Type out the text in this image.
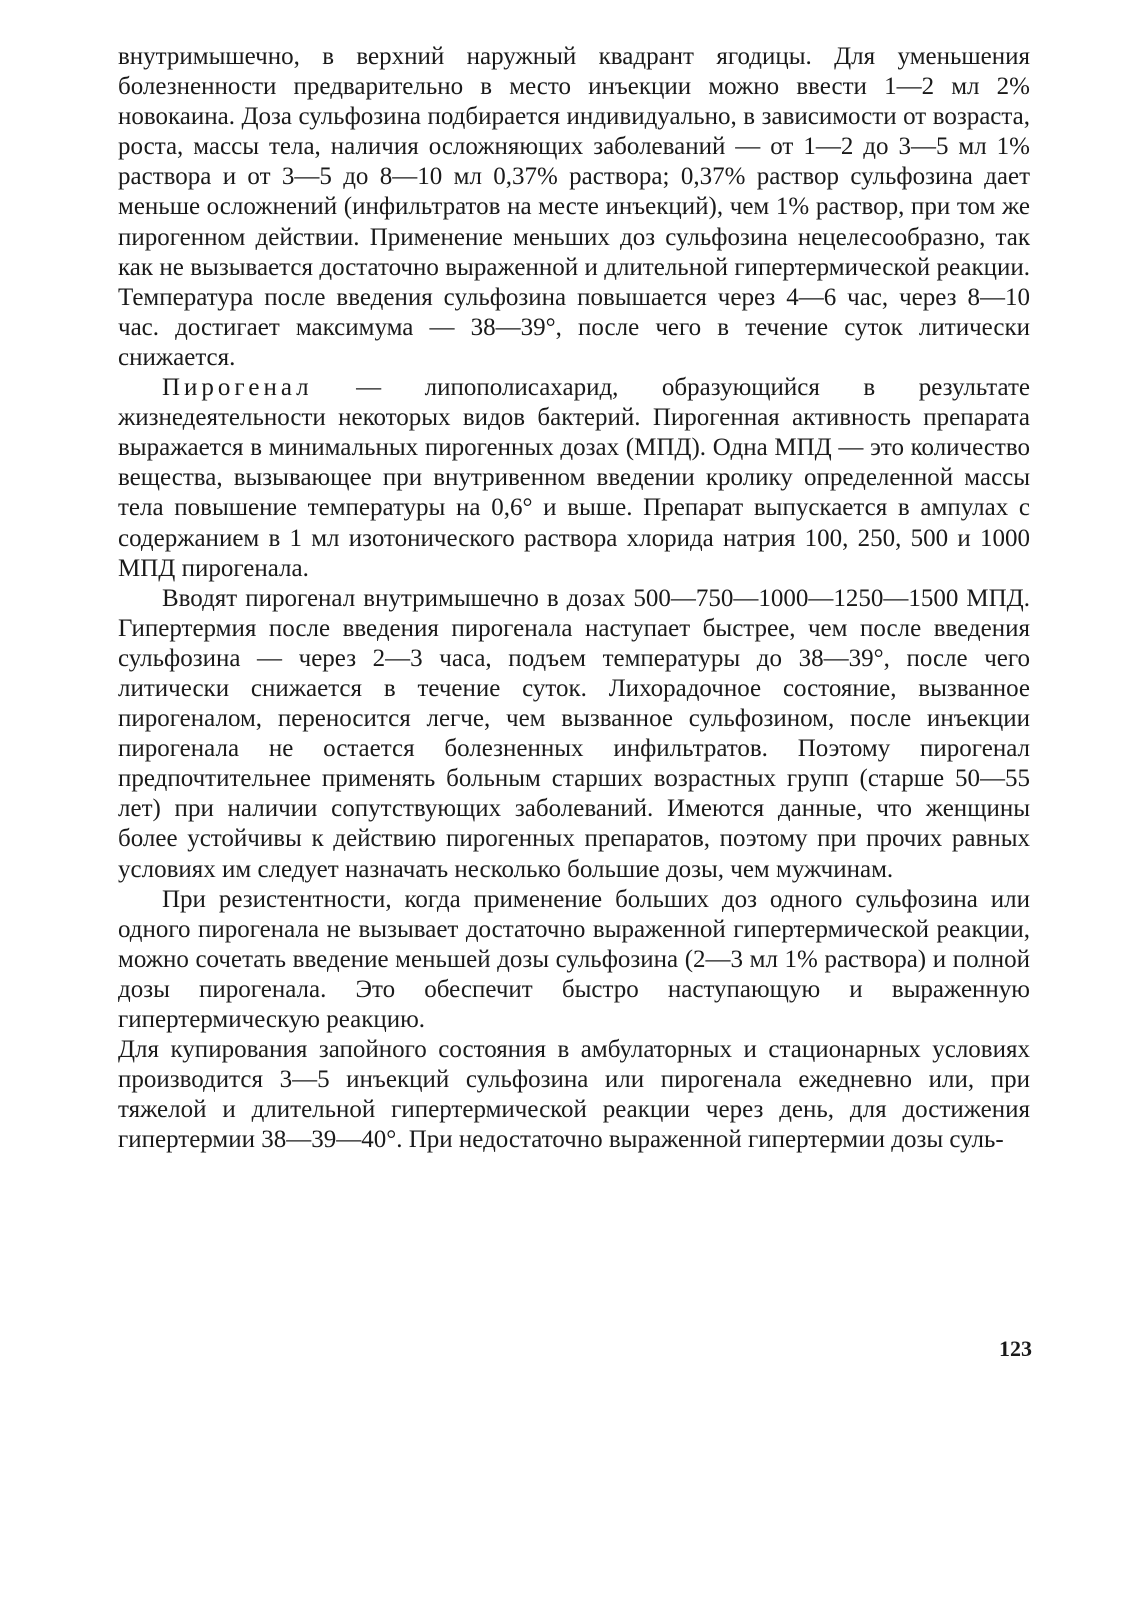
внутримышечно, в верхний наружный квадрант ягодицы. Для уменьшения болезненности предварительно в место инъекции можно ввести 1—2 мл 2% новокаина. Доза сульфозина подбирается индивидуально, в зависимости от возраста, роста, массы тела, наличия осложняющих заболеваний — от 1—2 до 3—5 мл 1% раствора и от 3—5 до 8—10 мл 0,37% раствора; 0,37% раствор сульфозина дает меньше осложнений (инфильтратов на месте инъекций), чем 1% раствор, при том же пирогенном действии. Применение меньших доз сульфозина нецелесообразно, так как не вызывается достаточно выраженной и длительной гипертермической реакции. Температура после введения сульфозина повышается через 4—6 час, через 8—10 час. достигает максимума — 38—39°, после чего в течение суток литически снижается.

Пирогенал — липополисахарид, образующийся в результате жизнедеятельности некоторых видов бактерий. Пирогенная активность препарата выражается в минимальных пирогенных дозах (МПД). Одна МПД — это количество вещества, вызывающее при внутривенном введении кролику определенной массы тела повышение температуры на 0,6° и выше. Препарат выпускается в ампулах с содержанием в 1 мл изотонического раствора хлорида натрия 100, 250, 500 и 1000 МПД пирогенала.

Вводят пирогенал внутримышечно в дозах 500—750—1000—1250—1500 МПД. Гипертермия после введения пирогенала наступает быстрее, чем после введения сульфозина — через 2—3 часа, подъем температуры до 38—39°, после чего литически снижается в течение суток. Лихорадочное состояние, вызванное пирогеналом, переносится легче, чем вызванное сульфозином, после инъекции пирогенала не остается болезненных инфильтратов. Поэтому пирогенал предпочтительнее применять больным старших возрастных групп (старше 50—55 лет) при наличии сопутствующих заболеваний. Имеются данные, что женщины более устойчивы к действию пирогенных препаратов, поэтому при прочих равных условиях им следует назначать несколько большие дозы, чем мужчинам.

При резистентности, когда применение больших доз одного сульфозина или одного пирогенала не вызывает достаточно выраженной гипертермической реакции, можно сочетать введение меньшей дозы сульфозина (2—3 мл 1% раствора) и полной дозы пирогенала. Это обеспечит быстро наступающую и выраженную гипертермическую реакцию.

Для купирования запойного состояния в амбулаторных и стационарных условиях производится 3—5 инъекций сульфозина или пирогенала ежедневно или, при тяжелой и длительной гипертермической реакции через день, для достижения гипертермии 38—39—40°. При недостаточно выраженной гипертермии дозы суль-

123
